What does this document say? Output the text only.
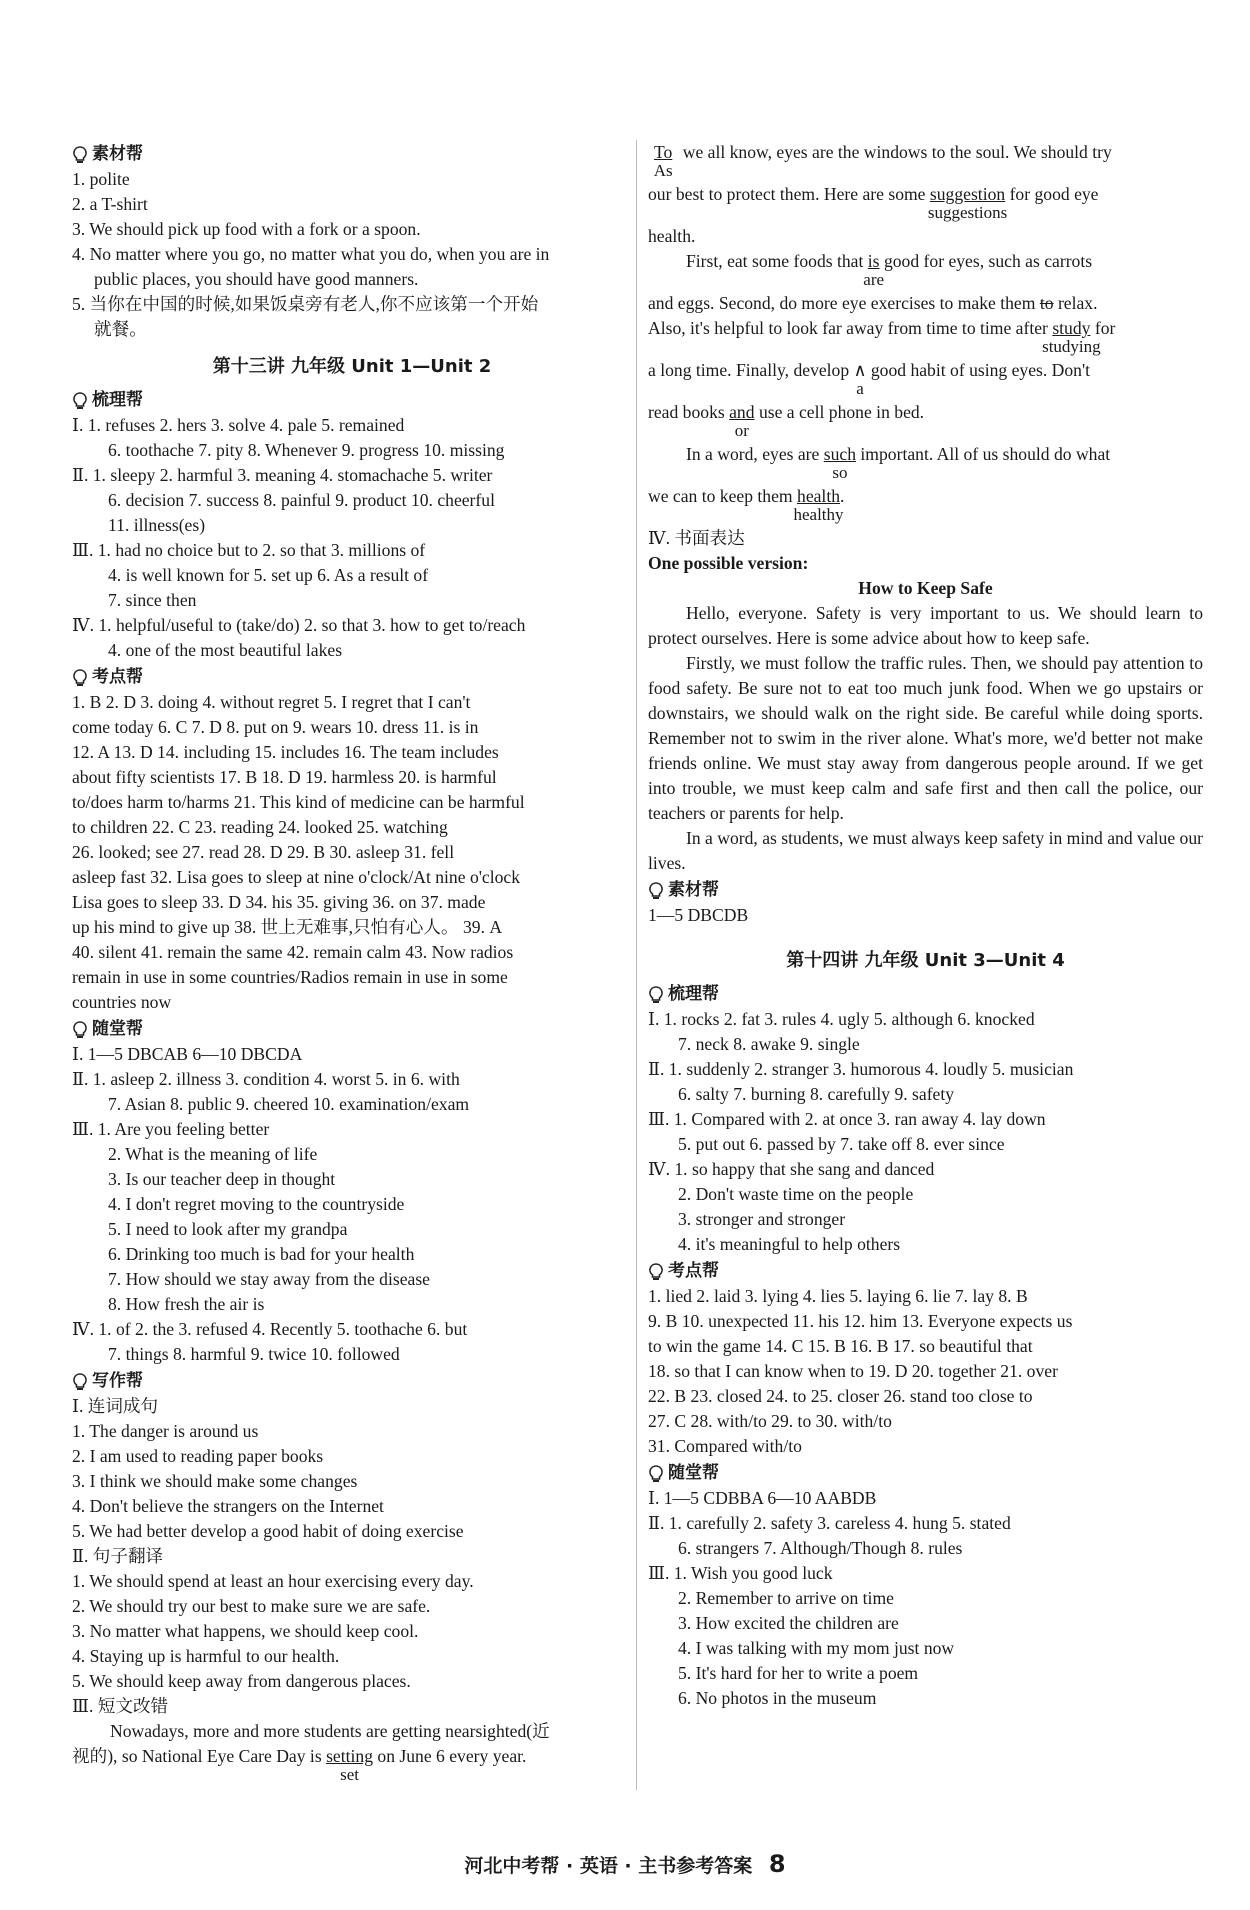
素材帮
1. polite
2. a T-shirt
3. We should pick up food with a fork or a spoon.
4. No matter where you go, no matter what you do, when you are in
public places, you should have good manners.
5. 当你在中国的时候,如果饭桌旁有老人,你不应该第一个开始
就餐。
第十三讲 九年级 Unit 1—Unit 2
梳理帮
Ⅰ. 1. refuses 2. hers 3. solve 4. pale 5. remained
6. toothache 7. pity 8. Whenever 9. progress 10. missing
Ⅱ. 1. sleepy 2. harmful 3. meaning 4. stomachache 5. writer
6. decision 7. success 8. painful 9. product 10. cheerful
11. illness(es)
Ⅲ. 1. had no choice but to 2. so that 3. millions of
4. is well known for 5. set up 6. As a result of
7. since then
Ⅳ. 1. helpful/useful to (take/do) 2. so that 3. how to get to/reach
4. one of the most beautiful lakes
考点帮
1. B 2. D 3. doing 4. without regret 5. I regret that I can't
come today 6. C 7. D 8. put on 9. wears 10. dress 11. is in
12. A 13. D 14. including 15. includes 16. The team includes
about fifty scientists 17. B 18. D 19. harmless 20. is harmful
to/does harm to/harms 21. This kind of medicine can be harmful
to children 22. C 23. reading 24. looked 25. watching
26. looked; see 27. read 28. D 29. B 30. asleep 31. fell
asleep fast 32. Lisa goes to sleep at nine o'clock/At nine o'clock
Lisa goes to sleep 33. D 34. his 35. giving 36. on 37. made
up his mind to give up 38. 世上无难事,只怕有心人。 39. A
40. silent 41. remain the same 42. remain calm 43. Now radios
remain in use in some countries/Radios remain in use in some
countries now
随堂帮
Ⅰ. 1—5 DBCAB 6—10 DBCDA
Ⅱ. 1. asleep 2. illness 3. condition 4. worst 5. in 6. with
7. Asian 8. public 9. cheered 10. examination/exam
Ⅲ. 1. Are you feeling better
2. What is the meaning of life
3. Is our teacher deep in thought
4. I don't regret moving to the countryside
5. I need to look after my grandpa
6. Drinking too much is bad for your health
7. How should we stay away from the disease
8. How fresh the air is
Ⅳ. 1. of 2. the 3. refused 4. Recently 5. toothache 6. but
7. things 8. harmful 9. twice 10. followed
写作帮
Ⅰ. 连词成句
1. The danger is around us
2. I am used to reading paper books
3. I think we should make some changes
4. Don't believe the strangers on the Internet
5. We had better develop a good habit of doing exercise
Ⅱ. 句子翻译
1. We should spend at least an hour exercising every day.
2. We should try our best to make sure we are safe.
3. No matter what happens, we should keep cool.
4. Staying up is harmful to our health.
5. We should keep away from dangerous places.
Ⅲ. 短文改错
Nowadays, more and more students are getting nearsighted(近
视的), so National Eye Care Day is setting
set
on June 6 every year.
To
As
we all know, eyes are the windows to the soul. We should try
our best to protect them. Here are some suggestion
suggestions
for good eye
health.
First, eat some foods that is
are
good for eyes, such as carrots
and eggs. Second, do more eye exercises to make them to relax.
Also, it's helpful to look far away from time to time after study
studying
for
a long time. Finally, develop ∧
a
good habit of using eyes. Don't
read books and
or
use a cell phone in bed.
In a word, eyes are such
so
important. All of us should do what
we can to keep them health
healthy
.
Ⅳ. 书面表达
One possible version:
How to Keep Safe
Hello, everyone. Safety is very important to us. We should learn to protect ourselves. Here is some advice about how to keep safe.
Firstly, we must follow the traffic rules. Then, we should pay attention to food safety. Be sure not to eat too much junk food. When we go upstairs or downstairs, we should walk on the right side. Be careful while doing sports. Remember not to swim in the river alone. What's more, we'd better not make friends online. We must stay away from dangerous people around. If we get into trouble, we must keep calm and safe first and then call the police, our teachers or parents for help.
In a word, as students, we must always keep safety in mind and value our lives.
素材帮
1—5 DBCDB
第十四讲 九年级 Unit 3—Unit 4
梳理帮
Ⅰ. 1. rocks 2. fat 3. rules 4. ugly 5. although 6. knocked
7. neck 8. awake 9. single
Ⅱ. 1. suddenly 2. stranger 3. humorous 4. loudly 5. musician
6. salty 7. burning 8. carefully 9. safety
Ⅲ. 1. Compared with 2. at once 3. ran away 4. lay down
5. put out 6. passed by 7. take off 8. ever since
Ⅳ. 1. so happy that she sang and danced
2. Don't waste time on the people
3. stronger and stronger
4. it's meaningful to help others
考点帮
1. lied 2. laid 3. lying 4. lies 5. laying 6. lie 7. lay 8. B
9. B 10. unexpected 11. his 12. him 13. Everyone expects us
to win the game 14. C 15. B 16. B 17. so beautiful that
18. so that I can know when to 19. D 20. together 21. over
22. B 23. closed 24. to 25. closer 26. stand too close to
27. C 28. with/to 29. to 30. with/to
31. Compared with/to
随堂帮
Ⅰ. 1—5 CDBBA 6—10 AABDB
Ⅱ. 1. carefully 2. safety 3. careless 4. hung 5. stated
6. strangers 7. Although/Though 8. rules
Ⅲ. 1. Wish you good luck
2. Remember to arrive on time
3. How excited the children are
4. I was talking with my mom just now
5. It's hard for her to write a poem
6. No photos in the museum
河北中考帮 · 英语 · 主书参考答案 8
